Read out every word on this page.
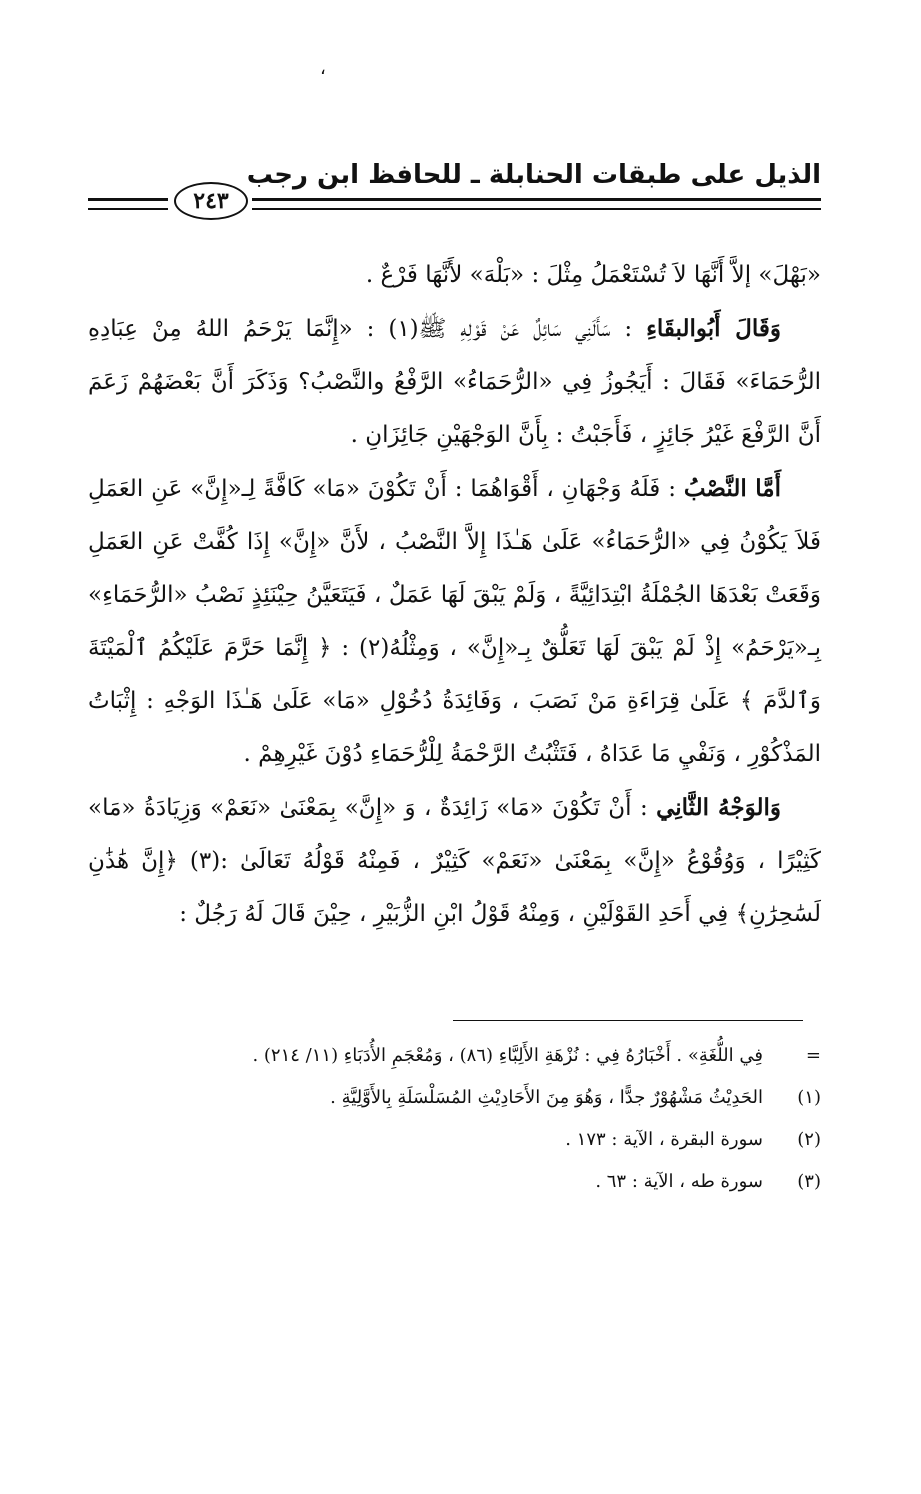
،
الذيل على طبقات الحنابلة ـ للحافظ ابن رجب
٢٤٣

«بَهْلَ» إلاَّ أَنَّهَا لاَ تُسْتَعْمَلُ مِثْلَ : «بَلْهَ» لأَنَّهَا فَرْعٌ .

وَقَالَ أَبُوالبقَاءِ : سَأَلَنِي سَائِلٌ عَنْ قَوْلِهِ ﷺ(١) : «إِنَّمَا يَرْحَمُ اللهُ مِنْ عِبَادِهِ الرُّحَمَاءَ» فَقَالَ : أَيَجُوزُ فِي «الرُّحَمَاءُ» الرَّفْعُ والنَّصْبُ؟ وَذَكَرَ أَنَّ بَعْضَهُمْ زَعَمَ أَنَّ الرَّفْعَ غَيْرُ جَائِزٍ ، فَأَجَبْتُ : بِأَنَّ الوَجْهَيْنِ جَائِزَانِ .

أَمَّا النَّصْبُ : فَلَهُ وَجْهَانِ ، أَقْوَاهُمَا : أَنْ تَكُوْنَ «مَا» كَافَّةً لِـ«إِنَّ» عَنِ العَمَلِ فَلاَ يَكُوْنُ فِي «الرُّحَمَاءُ» عَلَىٰ هَـٰذَا إِلاَّ النَّصْبُ ، لأَنَّ «إِنَّ» إِذَا كُفَّتْ عَنِ العَمَلِ وَقَعَتْ بَعْدَهَا الجُمْلَةُ ابْتِدَائِيَّةً ، وَلَمْ يَبْقَ لَهَا عَمَلٌ ، فَيَتَعَيَّنُ حِيْنَئِذٍ نَصْبُ «الرُّحَمَاءِ» بِـ«يَرْحَمُ» إِذْ لَمْ يَبْقَ لَهَا تَعَلُّقٌ بِـ«إِنَّ» ، وَمِثْلُهُ(٢) : ﴿ إِنَّمَا حَرَّمَ عَلَيْكُمُ ٱلْمَيْتَةَ وَٱلدَّمَ ﴾ عَلَىٰ قِرَاءَةِ مَنْ نَصَبَ ، وَفَائِدَةُ دُخُوْلِ «مَا» عَلَىٰ هَـٰذَا الوَجْهِ : إِثْبَاتُ المَذْكُوْرِ ، وَنَفْيِ مَا عَدَاهُ ، فَتَثْبُتُ الرَّحْمَةُ لِلْرُّحَمَاءِ دُوْنَ غَيْرِهِمْ .

وَالوَجْهُ الثَّانِي : أَنْ تَكُوْنَ «مَا» زَائِدَةٌ ، وَ «إِنَّ» بِمَعْنَىٰ «نَعَمْ» وَزِيَادَةُ «مَا» كَثِيْرًا ، وَوُقُوْعُ «إِنَّ» بِمَعْنَىٰ «نَعَمْ» كَثِيْرٌ ، فَمِنْهُ قَوْلُهُ تَعَالَىٰ :(٣) ﴿إِنَّ هَٰذَٰنِ لَسَٰحِرَٰنِ﴾ فِي أَحَدِ القَوْلَيْنِ ، وَمِنْهُ قَوْلُ ابْنِ الزُّبَيْرِ ، حِيْنَ قَالَ لَهُ رَجُلٌ :

=
فِي اللُّغَةِ» . أَخْبَارُهُ فِي : نُزْهَةِ الأَلِبَّاءِ (٨٦) ، وَمُعْجَمِ الأُدَبَاءِ (١١/ ٢١٤) .
(١)
الحَدِيْثُ مَشْهُوْرٌ جدًّا ، وَهُوَ مِنَ الأَحَادِيْثِ المُسَلْسَلَةِ بِالأَوَّلِيَّةِ .
(٢)
سورة البقرة ، الآية : ١٧٣ .
(٣)
سورة طه ، الآية : ٦٣ .
